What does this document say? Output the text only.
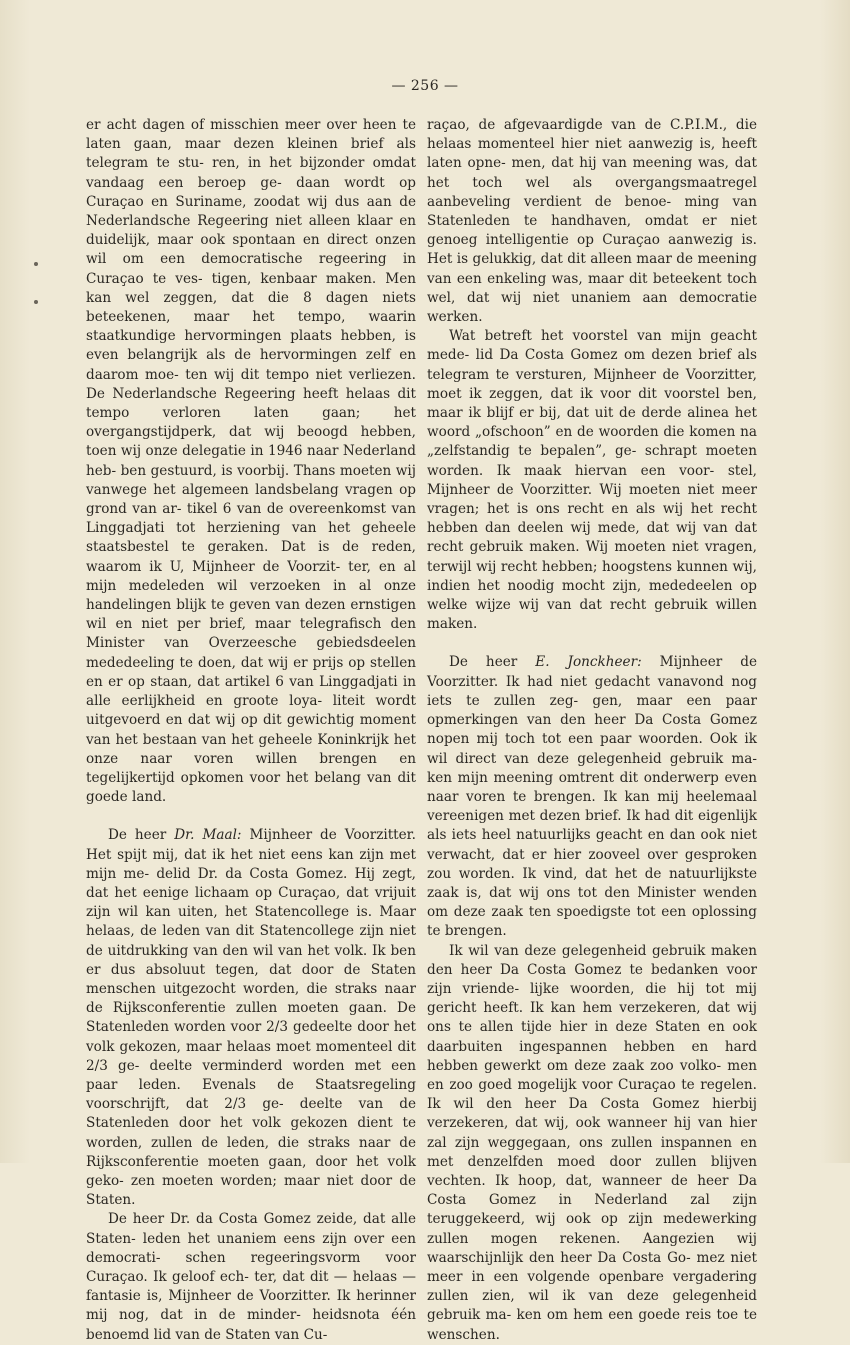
— 256 —

er acht dagen of misschien meer over heen te laten gaan, maar dezen kleinen brief als telegram te stu- ren, in het bijzonder omdat vandaag een beroep ge- daan wordt op Curaçao en Suriname, zoodat wij dus aan de Nederlandsche Regeering niet alleen klaar en duidelijk, maar ook spontaan en direct onzen wil om een democratische regeering in Curaçao te ves- tigen, kenbaar maken. Men kan wel zeggen, dat die 8 dagen niets beteekenen, maar het tempo, waarin staatkundige hervormingen plaats hebben, is even belangrijk als de hervormingen zelf en daarom moe- ten wij dit tempo niet verliezen. De Nederlandsche Regeering heeft helaas dit tempo verloren laten gaan; het overgangstijdperk, dat wij beoogd hebben, toen wij onze delegatie in 1946 naar Nederland heb- ben gestuurd, is voorbij. Thans moeten wij vanwege het algemeen landsbelang vragen op grond van ar- tikel 6 van de overeenkomst van Linggadjati tot herziening van het geheele staatsbestel te geraken. Dat is de reden, waarom ik U, Mijnheer de Voorzit- ter, en al mijn medeleden wil verzoeken in al onze handelingen blijk te geven van dezen ernstigen wil en niet per brief, maar telegrafisch den Minister van Overzeesche gebiedsdeelen mededeeling te doen, dat wij er prijs op stellen en er op staan, dat artikel 6 van Linggadjati in alle eerlijkheid en groote loya- liteit wordt uitgevoerd en dat wij op dit gewichtig moment van het bestaan van het geheele Koninkrijk het onze naar voren willen brengen en tegelijkertijd opkomen voor het belang van dit goede land.

De heer Dr. Maal: Mijnheer de Voorzitter. Het spijt mij, dat ik het niet eens kan zijn met mijn me- delid Dr. da Costa Gomez. Hij zegt, dat het eenige lichaam op Curaçao, dat vrijuit zijn wil kan uiten, het Statencollege is. Maar helaas, de leden van dit Statencollege zijn niet de uitdrukking van den wil van het volk. Ik ben er dus absoluut tegen, dat door de Staten menschen uitgezocht worden, die straks naar de Rijksconferentie zullen moeten gaan. De Statenleden worden voor 2/3 gedeelte door het volk gekozen, maar helaas moet momenteel dit 2/3 ge- deelte verminderd worden met een paar leden. Evenals de Staatsregeling voorschrijft, dat 2/3 ge- deelte van de Statenleden door het volk gekozen dient te worden, zullen de leden, die straks naar de Rijksconferentie moeten gaan, door het volk geko- zen moeten worden; maar niet door de Staten.

De heer Dr. da Costa Gomez zeide, dat alle Staten- leden het unaniem eens zijn over een democrati- schen regeeringsvorm voor Curaçao. Ik geloof ech- ter, dat dit — helaas — fantasie is, Mijnheer de Voorzitter. Ik herinner mij nog, dat in de minder- heidsnota één benoemd lid van de Staten van Cu-

raçao, de afgevaardigde van de C.P.I.M., die helaas momenteel hier niet aanwezig is, heeft laten opne- men, dat hij van meening was, dat het toch wel als overgangsmaatregel aanbeveling verdient de benoe- ming van Statenleden te handhaven, omdat er niet genoeg intelligentie op Curaçao aanwezig is. Het is gelukkig, dat dit alleen maar de meening van een enkeling was, maar dit beteekent toch wel, dat wij niet unaniem aan democratie werken.

Wat betreft het voorstel van mijn geacht mede- lid Da Costa Gomez om dezen brief als telegram te versturen, Mijnheer de Voorzitter, moet ik zeggen, dat ik voor dit voorstel ben, maar ik blijf er bij, dat uit de derde alinea het woord „ofschoon” en de woorden die komen na „zelfstandig te bepalen”, ge- schrapt moeten worden. Ik maak hiervan een voor- stel, Mijnheer de Voorzitter. Wij moeten niet meer vragen; het is ons recht en als wij het recht hebben dan deelen wij mede, dat wij van dat recht gebruik maken. Wij moeten niet vragen, terwijl wij recht hebben; hoogstens kunnen wij, indien het noodig mocht zijn, mededeelen op welke wijze wij van dat recht gebruik willen maken.

De heer E. Jonckheer: Mijnheer de Voorzitter. Ik had niet gedacht vanavond nog iets te zullen zeg- gen, maar een paar opmerkingen van den heer Da Costa Gomez nopen mij toch tot een paar woorden. Ook ik wil direct van deze gelegenheid gebruik ma- ken mijn meening omtrent dit onderwerp even naar voren te brengen. Ik kan mij heelemaal vereenigen met dezen brief. Ik had dit eigenlijk als iets heel natuurlijks geacht en dan ook niet verwacht, dat er hier zooveel over gesproken zou worden. Ik vind, dat het de natuurlijkste zaak is, dat wij ons tot den Minister wenden om deze zaak ten spoedigste tot een oplossing te brengen.

Ik wil van deze gelegenheid gebruik maken den heer Da Costa Gomez te bedanken voor zijn vriende- lijke woorden, die hij tot mij gericht heeft. Ik kan hem verzekeren, dat wij ons te allen tijde hier in deze Staten en ook daarbuiten ingespannen hebben en hard hebben gewerkt om deze zaak zoo volko- men en zoo goed mogelijk voor Curaçao te regelen. Ik wil den heer Da Costa Gomez hierbij verzekeren, dat wij, ook wanneer hij van hier zal zijn weggegaan, ons zullen inspannen en met denzelfden moed door zullen blijven vechten. Ik hoop, dat, wanneer de heer Da Costa Gomez in Nederland zal zijn teruggekeerd, wij ook op zijn medewerking zullen mogen rekenen. Aangezien wij waarschijnlijk den heer Da Costa Go- mez niet meer in een volgende openbare vergadering zullen zien, wil ik van deze gelegenheid gebruik ma- ken om hem een goede reis toe te wenschen.
